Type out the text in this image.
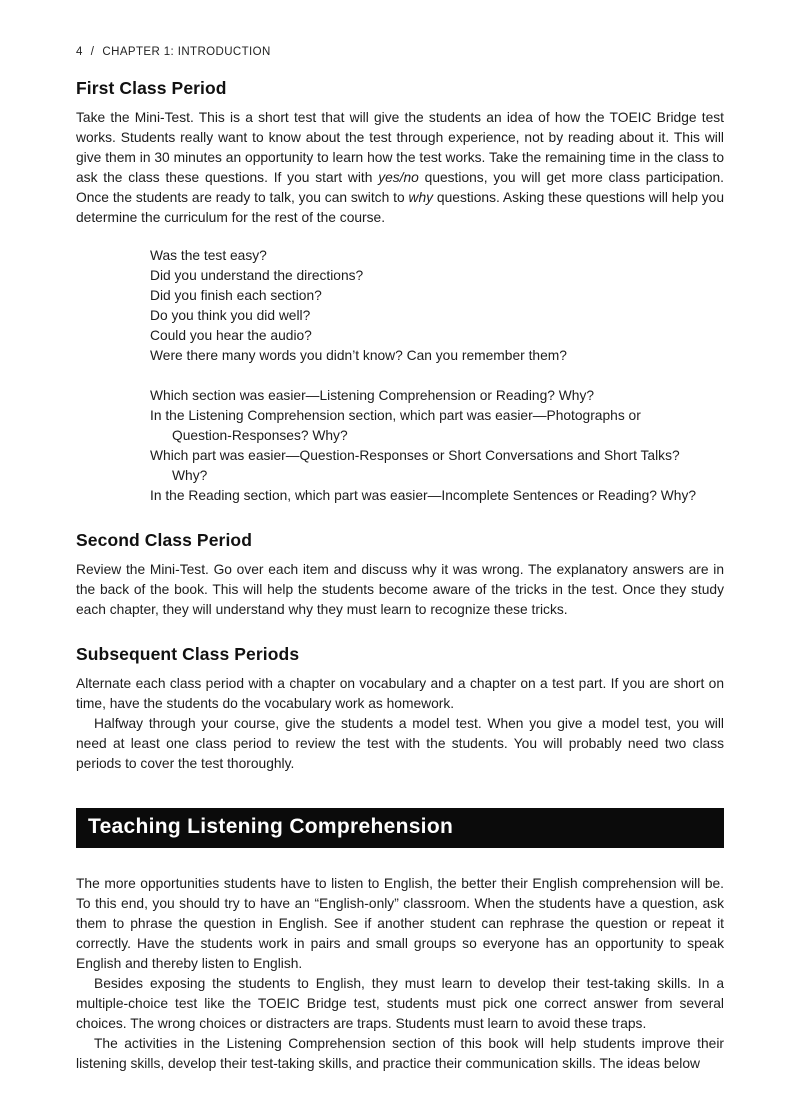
4 / CHAPTER 1: INTRODUCTION
First Class Period

Take the Mini-Test. This is a short test that will give the students an idea of how the TOEIC Bridge test works. Students really want to know about the test through experience, not by reading about it. This will give them in 30 minutes an opportunity to learn how the test works. Take the remaining time in the class to ask the class these questions. If you start with yes/no questions, you will get more class participation. Once the students are ready to talk, you can switch to why questions. Asking these questions will help you determine the curriculum for the rest of the course.

Was the test easy?
Did you understand the directions?
Did you finish each section?
Do you think you did well?
Could you hear the audio?
Were there many words you didn’t know? Can you remember them?
Which section was easier—Listening Comprehension or Reading? Why?
In the Listening Comprehension section, which part was easier—Photographs or
Question-Responses? Why?
Which part was easier—Question-Responses or Short Conversations and Short Talks?
Why?
In the Reading section, which part was easier—Incomplete Sentences or Reading? Why?
Second Class Period

Review the Mini-Test. Go over each item and discuss why it was wrong. The explanatory answers are in the back of the book. This will help the students become aware of the tricks in the test. Once they study each chapter, they will understand why they must learn to recognize these tricks.

Subsequent Class Periods

Alternate each class period with a chapter on vocabulary and a chapter on a test part. If you are short on time, have the students do the vocabulary work as homework.

Halfway through your course, give the students a model test. When you give a model test, you will need at least one class period to review the test with the students. You will probably need two class periods to cover the test thoroughly.

Teaching Listening Comprehension

The more opportunities students have to listen to English, the better their English comprehension will be. To this end, you should try to have an “English-only” classroom. When the students have a question, ask them to phrase the question in English. See if another student can rephrase the question or repeat it correctly. Have the students work in pairs and small groups so everyone has an opportunity to speak English and thereby listen to English.

Besides exposing the students to English, they must learn to develop their test-taking skills. In a multiple-choice test like the TOEIC Bridge test, students must pick one correct answer from several choices. The wrong choices or distracters are traps. Students must learn to avoid these traps.

The activities in the Listening Comprehension section of this book will help students improve their listening skills, develop their test-taking skills, and practice their communication skills. The ideas below
